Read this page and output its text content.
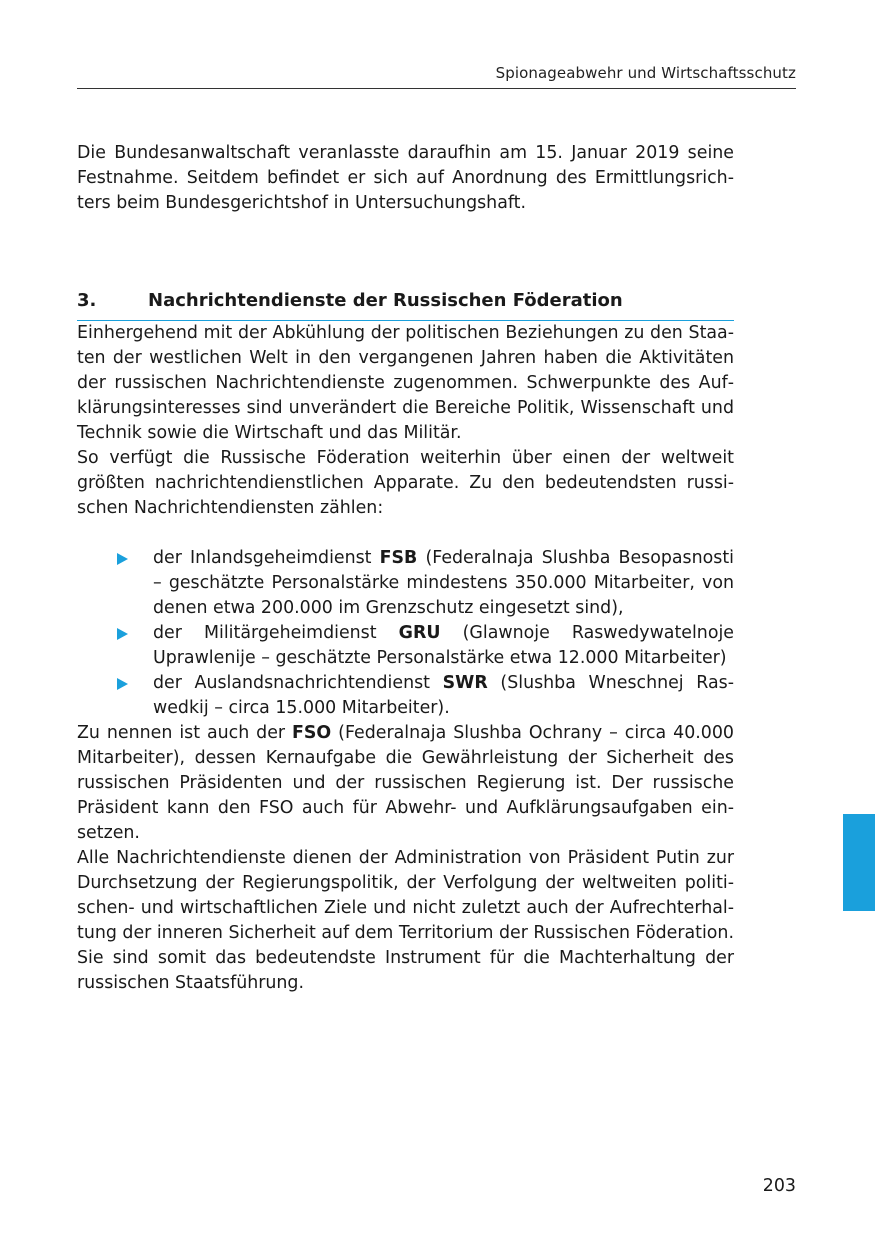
Spionageabwehr und Wirtschaftsschutz

Die Bundesanwaltschaft veranlasste daraufhin am 15. Januar 2019 seine Festnahme. Seitdem befindet er sich auf Anordnung des Ermittlungsrichters beim Bundesgerichtshof in Untersuchungshaft.

3.	Nachrichtendienste der Russischen Föderation

Einhergehend mit der Abkühlung der politischen Beziehungen zu den Staaten der westlichen Welt in den vergangenen Jahren haben die Aktivitäten der russischen Nachrichtendienste zugenommen. Schwerpunkte des Aufklärungsinteresses sind unverändert die Bereiche Politik, Wissenschaft und Technik sowie die Wirtschaft und das Militär.

So verfügt die Russische Föderation weiterhin über einen der weltweit größten nachrichtendienstlichen Apparate. Zu den bedeutendsten russischen Nachrichtendiensten zählen:

der Inlandsgeheimdienst FSB (Federalnaja Slushba Besopasnosti – geschätzte Personalstärke mindestens 350.000 Mitarbeiter, von denen etwa 200.000 im Grenzschutz eingesetzt sind),
der Militärgeheimdienst GRU (Glawnoje Raswedywatelnoje Uprawlenije – geschätzte Personalstärke etwa 12.000 Mitarbeiter)
der Auslandsnachrichtendienst SWR (Slushba Wneschnej Raswedkij – circa 15.000 Mitarbeiter).

Zu nennen ist auch der FSO (Federalnaja Slushba Ochrany – circa 40.000 Mitarbeiter), dessen Kernaufgabe die Gewährleistung der Sicherheit des russischen Präsidenten und der russischen Regierung ist. Der russische Präsident kann den FSO auch für Abwehr- und Aufklärungsaufgaben einsetzen.

Alle Nachrichtendienste dienen der Administration von Präsident Putin zur Durchsetzung der Regierungspolitik, der Verfolgung der weltweiten politischen- und wirtschaftlichen Ziele und nicht zuletzt auch der Aufrechterhaltung der inneren Sicherheit auf dem Territorium der Russischen Föderation. Sie sind somit das bedeutendste Instrument für die Machterhaltung der russischen Staatsführung.

203
